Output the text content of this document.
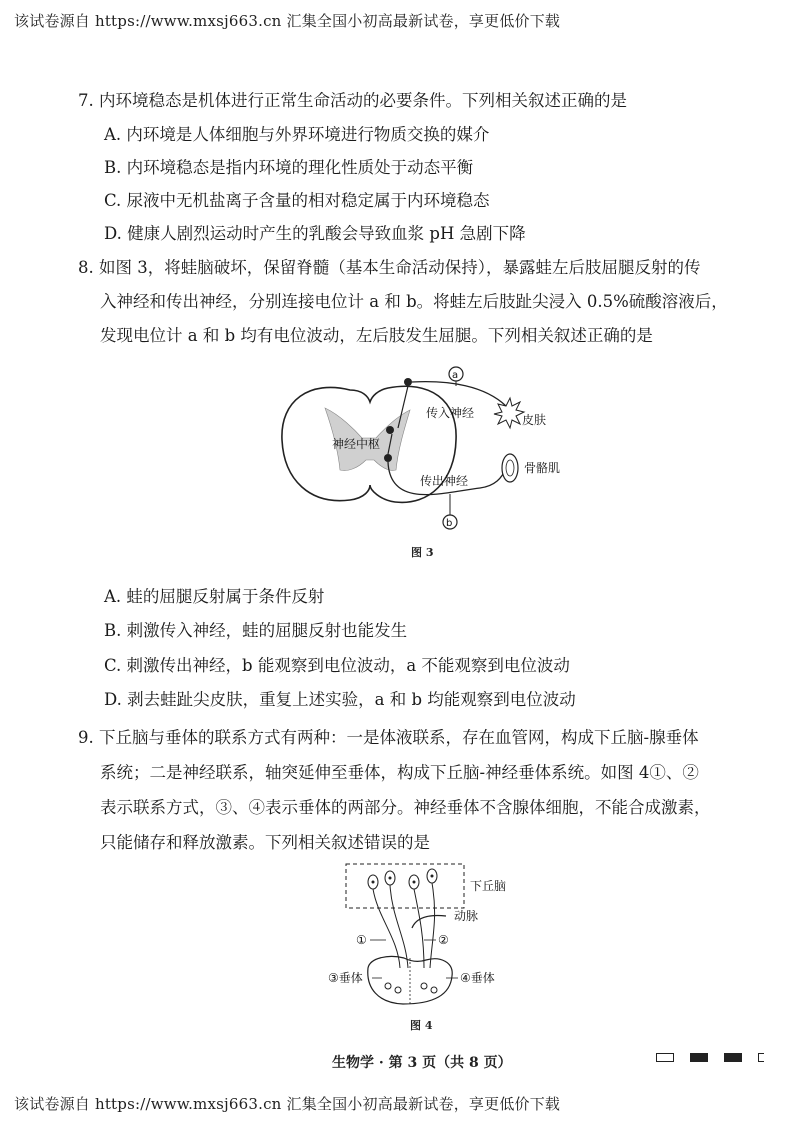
该试卷源自 https://www.mxsj663.cn 汇集全国小初高最新试卷，享更低价下载
7. 内环境稳态是机体进行正常生命活动的必要条件。下列相关叙述正确的是
A. 内环境是人体细胞与外界环境进行物质交换的媒介
B. 内环境稳态是指内环境的理化性质处于动态平衡
C. 尿液中无机盐离子含量的相对稳定属于内环境稳态
D. 健康人剧烈运动时产生的乳酸会导致血浆 pH 急剧下降
8. 如图 3，将蛙脑破坏，保留脊髓（基本生命活动保持），暴露蛙左后肢屈腿反射的传
入神经和传出神经，分别连接电位计 a 和 b。将蛙左后肢趾尖浸入 0.5%硫酸溶液后，
发现电位计 a 和 b 均有电位波动，左后肢发生屈腿。下列相关叙述正确的是
神经中枢
a
b
传入神经	皮肤
传出神经
骨骼肌
图 3
A. 蛙的屈腿反射属于条件反射
B. 刺激传入神经，蛙的屈腿反射也能发生
C. 刺激传出神经，b 能观察到电位波动，a 不能观察到电位波动
D. 剥去蛙趾尖皮肤，重复上述实验，a 和 b 均能观察到电位波动
9. 下丘脑与垂体的联系方式有两种：一是体液联系，存在血管网，构成下丘脑-腺垂体
系统；二是神经联系，轴突延伸至垂体，构成下丘脑-神经垂体系统。如图 4①、②
表示联系方式，③、④表示垂体的两部分。神经垂体不含腺体细胞，不能合成激素，
只能储存和释放激素。下列相关叙述错误的是
下丘脑
动脉
①	②
③垂体	④垂体
图 4
生物学 · 第 3 页（共 8 页）
该试卷源自 https://www.mxsj663.cn 汇集全国小初高最新试卷，享更低价下载
